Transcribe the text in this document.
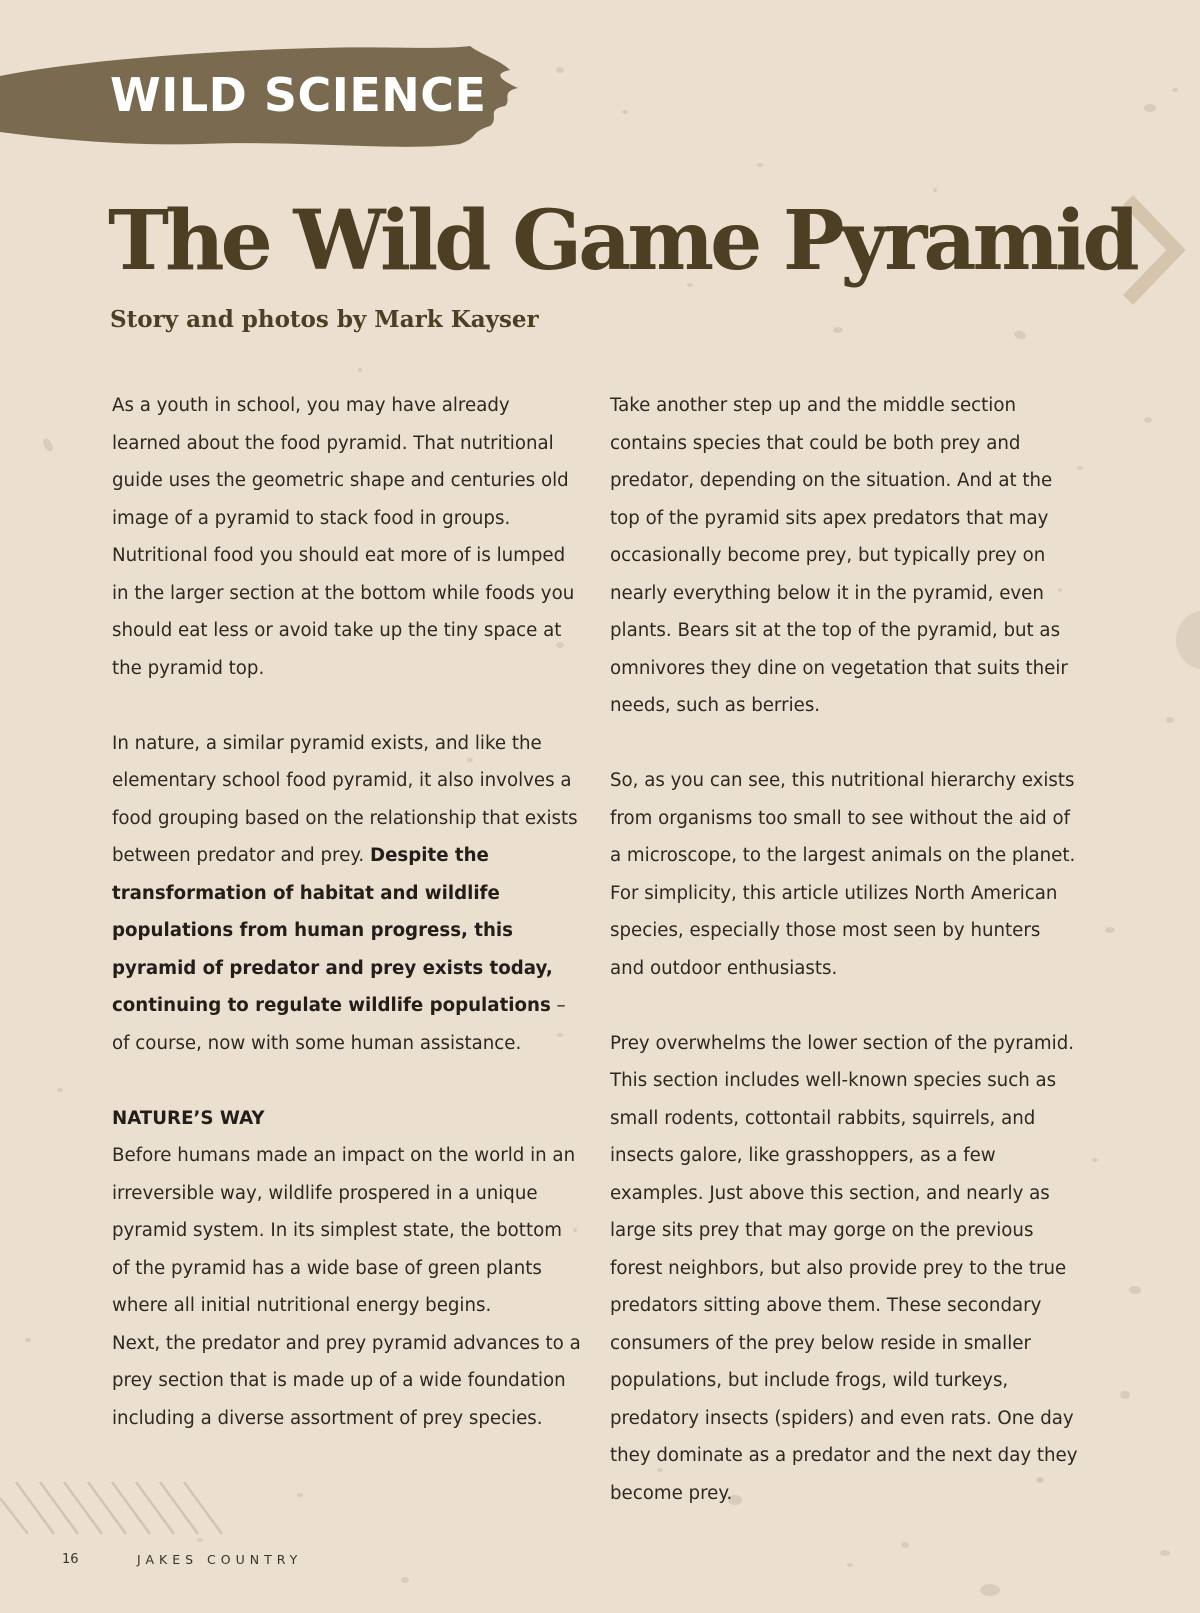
WILD SCIENCE
The Wild Game Pyramid
Story and photos by Mark Kayser

As a youth in school, you may have already learned about the food pyramid. That nutritional guide uses the geometric shape and centuries old image of a pyramid to stack food in groups. Nutritional food you should eat more of is lumped in the larger section at the bottom while foods you should eat less or avoid take up the tiny space at the pyramid top.

In nature, a similar pyramid exists, and like the elementary school food pyramid, it also involves a food grouping based on the relationship that exists between predator and prey. Despite the transformation of habitat and wildlife populations from human progress, this pyramid of predator and prey exists today, continuing to regulate wildlife populations – of course, now with some human assistance.

NATURE’S WAY
Before humans made an impact on the world in an irreversible way, wildlife prospered in a unique pyramid system. In its simplest state, the bottom of the pyramid has a wide base of green plants where all initial nutritional energy begins.
Next, the predator and prey pyramid advances to a prey section that is made up of a wide foundation including a diverse assortment of prey species.

Take another step up and the middle section contains species that could be both prey and predator, depending on the situation. And at the top of the pyramid sits apex predators that may occasionally become prey, but typically prey on nearly everything below it in the pyramid, even plants. Bears sit at the top of the pyramid, but as omnivores they dine on vegetation that suits their needs, such as berries.

So, as you can see, this nutritional hierarchy exists from organisms too small to see without the aid of a microscope, to the largest animals on the planet. For simplicity, this article utilizes North American species, especially those most seen by hunters and outdoor enthusiasts.

Prey overwhelms the lower section of the pyramid. This section includes well-known species such as small rodents, cottontail rabbits, squirrels, and insects galore, like grasshoppers, as a few examples. Just above this section, and nearly as large sits prey that may gorge on the previous forest neighbors, but also provide prey to the true predators sitting above them. These secondary consumers of the prey below reside in smaller populations, but include frogs, wild turkeys, predatory insects (spiders) and even rats. One day they dominate as a predator and the next day they become prey.

16	JAKES COUNTRY
